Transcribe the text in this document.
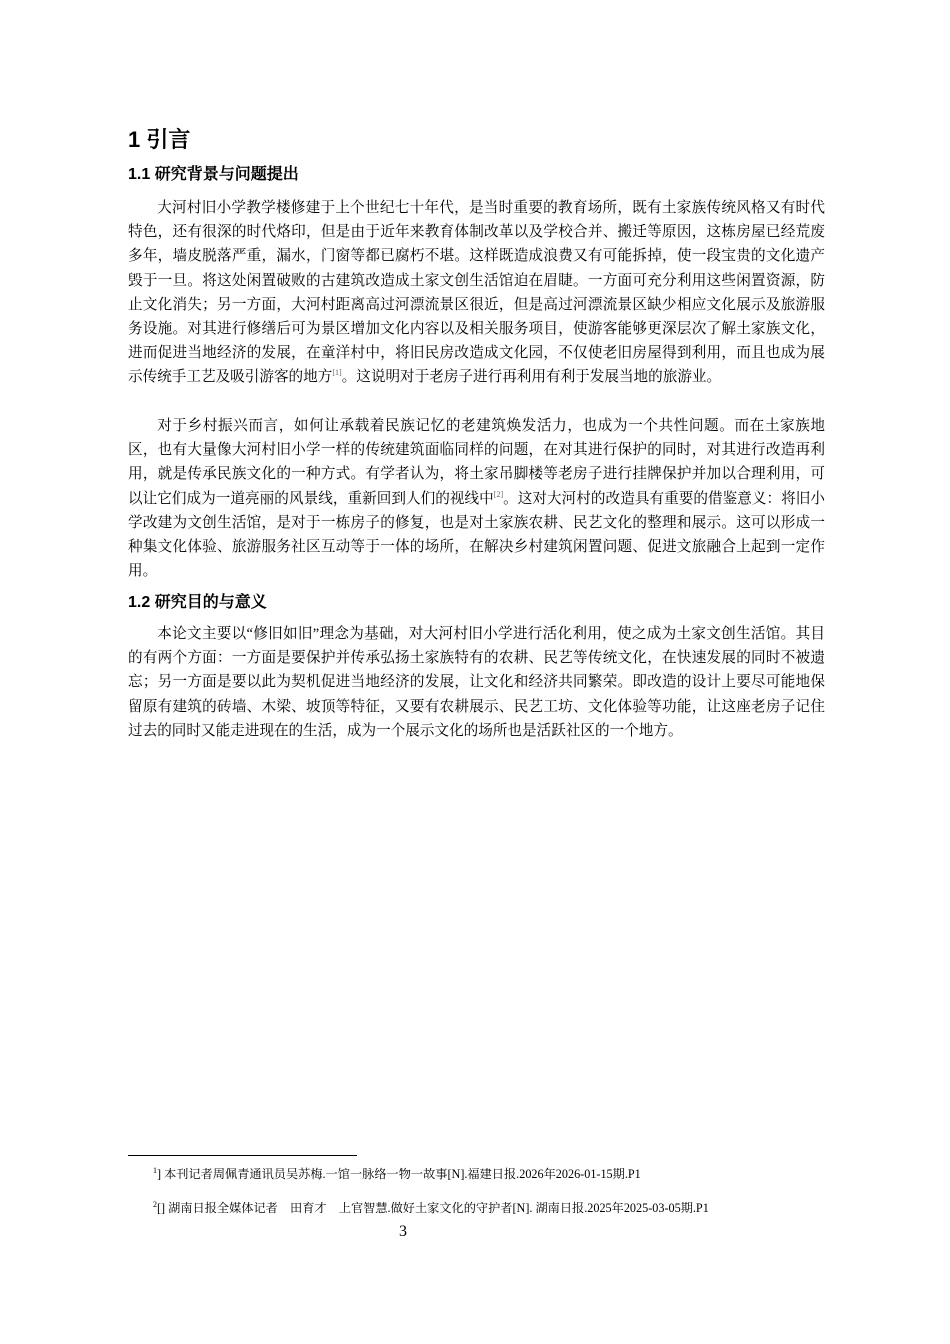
1 引言
1.1 研究背景与问题提出

大河村旧小学教学楼修建于上个世纪七十年代，是当时重要的教育场所，既有土家族传统风格又有时代特色，还有很深的时代烙印，但是由于近年来教育体制改革以及学校合并、搬迁等原因，这栋房屋已经荒废多年，墙皮脱落严重，漏水，门窗等都已腐朽不堪。这样既造成浪费又有可能拆掉，使一段宝贵的文化遗产毁于一旦。将这处闲置破败的古建筑改造成土家文创生活馆迫在眉睫。一方面可充分利用这些闲置资源，防止文化消失；另一方面，大河村距离高过河漂流景区很近，但是高过河漂流景区缺少相应文化展示及旅游服务设施。对其进行修缮后可为景区增加文化内容以及相关服务项目，使游客能够更深层次了解土家族文化，进而促进当地经济的发展，在童洋村中，将旧民房改造成文化园，不仅使老旧房屋得到利用，而且也成为展示传统手工艺及吸引游客的地方[1]。这说明对于老房子进行再利用有利于发展当地的旅游业。

对于乡村振兴而言，如何让承载着民族记忆的老建筑焕发活力，也成为一个共性问题。而在土家族地区，也有大量像大河村旧小学一样的传统建筑面临同样的问题，在对其进行保护的同时，对其进行改造再利用，就是传承民族文化的一种方式。有学者认为，将土家吊脚楼等老房子进行挂牌保护并加以合理利用，可以让它们成为一道亮丽的风景线，重新回到人们的视线中[2]。这对大河村的改造具有重要的借鉴意义：将旧小学改建为文创生活馆，是对于一栋房子的修复，也是对土家族农耕、民艺文化的整理和展示。这可以形成一种集文化体验、旅游服务社区互动等于一体的场所，在解决乡村建筑闲置问题、促进文旅融合上起到一定作用。

1.2 研究目的与意义

本论文主要以“修旧如旧”理念为基础，对大河村旧小学进行活化利用，使之成为土家文创生活馆。其目的有两个方面：一方面是要保护并传承弘扬土家族特有的农耕、民艺等传统文化，在快速发展的同时不被遗忘；另一方面是要以此为契机促进当地经济的发展，让文化和经济共同繁荣。即改造的设计上要尽可能地保留原有建筑的砖墙、木梁、坡顶等特征，又要有农耕展示、民艺工坊、文化体验等功能，让这座老房子记住过去的同时又能走进现在的生活，成为一个展示文化的场所也是活跃社区的一个地方。

$^1$] 本刊记者周佩青通讯员吴苏梅.一馆一脉络一物一故事[N].福建日报.2026年2026-01-15期.P1

$^2$[] 湖南日报全媒体记者　田育才　上官智慧.做好土家文化的守护者[N]. 湖南日报.2025年2025-03-05期.P1

3
